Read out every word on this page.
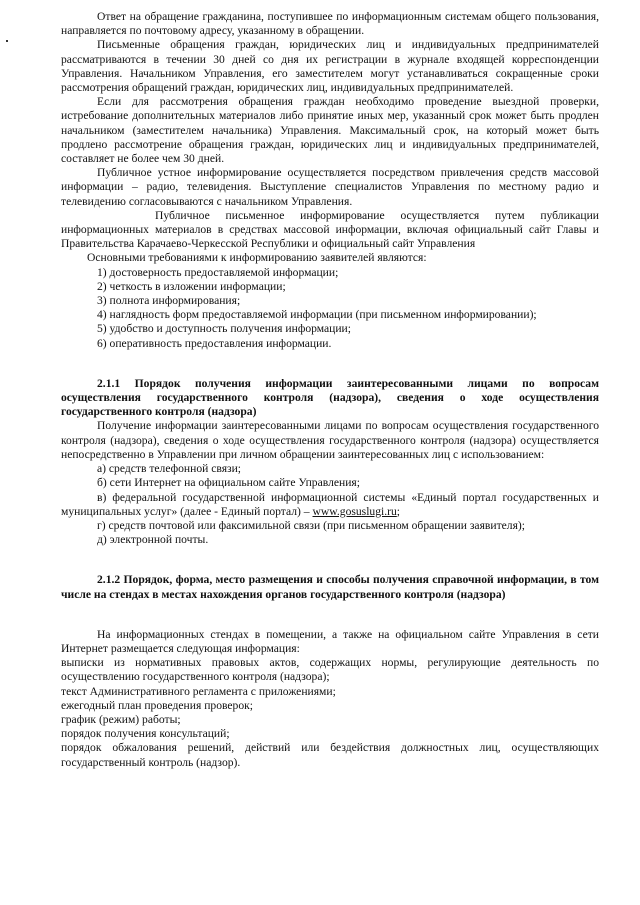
Ответ на обращение гражданина, поступившее по информационным системам общего пользования, направляется по почтовому адресу, указанному в обращении.

Письменные обращения граждан, юридических лиц и индивидуальных предпринимателей рассматриваются в течении 30 дней со дня их регистрации в журнале входящей корреспонденции Управления. Начальником Управления, его заместителем могут устанавливаться сокращенные сроки рассмотрения обращений граждан, юридических лиц, индивидуальных предпринимателей.

Если для рассмотрения обращения граждан необходимо проведение выездной проверки, истребование дополнительных материалов либо принятие иных мер, указанный срок может быть продлен начальником (заместителем начальника) Управления. Максимальный срок, на который может быть продлено рассмотрение обращения граждан, юридических лиц и индивидуальных предпринимателей, составляет не более чем 30 дней.

Публичное устное информирование осуществляется посредством привлечения средств массовой информации – радио, телевидения. Выступление специалистов Управления по местному радио и телевидению согласовываются с начальником Управления.

Публичное письменное информирование осуществляется путем публикации информационных материалов в средствах массовой информации, включая официальный сайт Главы и Правительства Карачаево-Черкесской Республики и официальный сайт Управления

Основными требованиями к информированию заявителей являются:

1) достоверность предоставляемой информации;

2) четкость в изложении информации;

3) полнота информирования;

4) наглядность форм предоставляемой информации (при письменном информировании);

5) удобство и доступность получения информации;

6) оперативность предоставления информации.

2.1.1 Порядок получения информации заинтересованными лицами по вопросам осуществления государственного контроля (надзора), сведения о ходе осуществления государственного контроля (надзора)

Получение информации заинтересованными лицами по вопросам осуществления государственного контроля (надзора), сведения о ходе осуществления государственного контроля (надзора) осуществляется непосредственно в Управлении при личном обращении заинтересованных лиц с использованием:

а) средств телефонной связи;

б) сети Интернет на официальном сайте Управления;

в) федеральной государственной информационной системы «Единый портал государственных и муниципальных услуг» (далее - Единый портал) – www.gosuslugi.ru;

г) средств почтовой или факсимильной связи (при письменном обращении заявителя);

д) электронной почты.

2.1.2 Порядок, форма, место размещения и способы получения справочной информации, в том числе на стендах в местах нахождения органов государственного контроля (надзора)

На информационных стендах в помещении, а также на официальном сайте Управления в сети Интернет размещается следующая информация:

выписки из нормативных правовых актов, содержащих нормы, регулирующие деятельность по осуществлению государственного контроля (надзора);

текст Административного регламента с приложениями;

ежегодный план проведения проверок;

график (режим) работы;

порядок получения консультаций;

порядок обжалования решений, действий или бездействия должностных лиц, осуществляющих государственный контроль (надзор).
